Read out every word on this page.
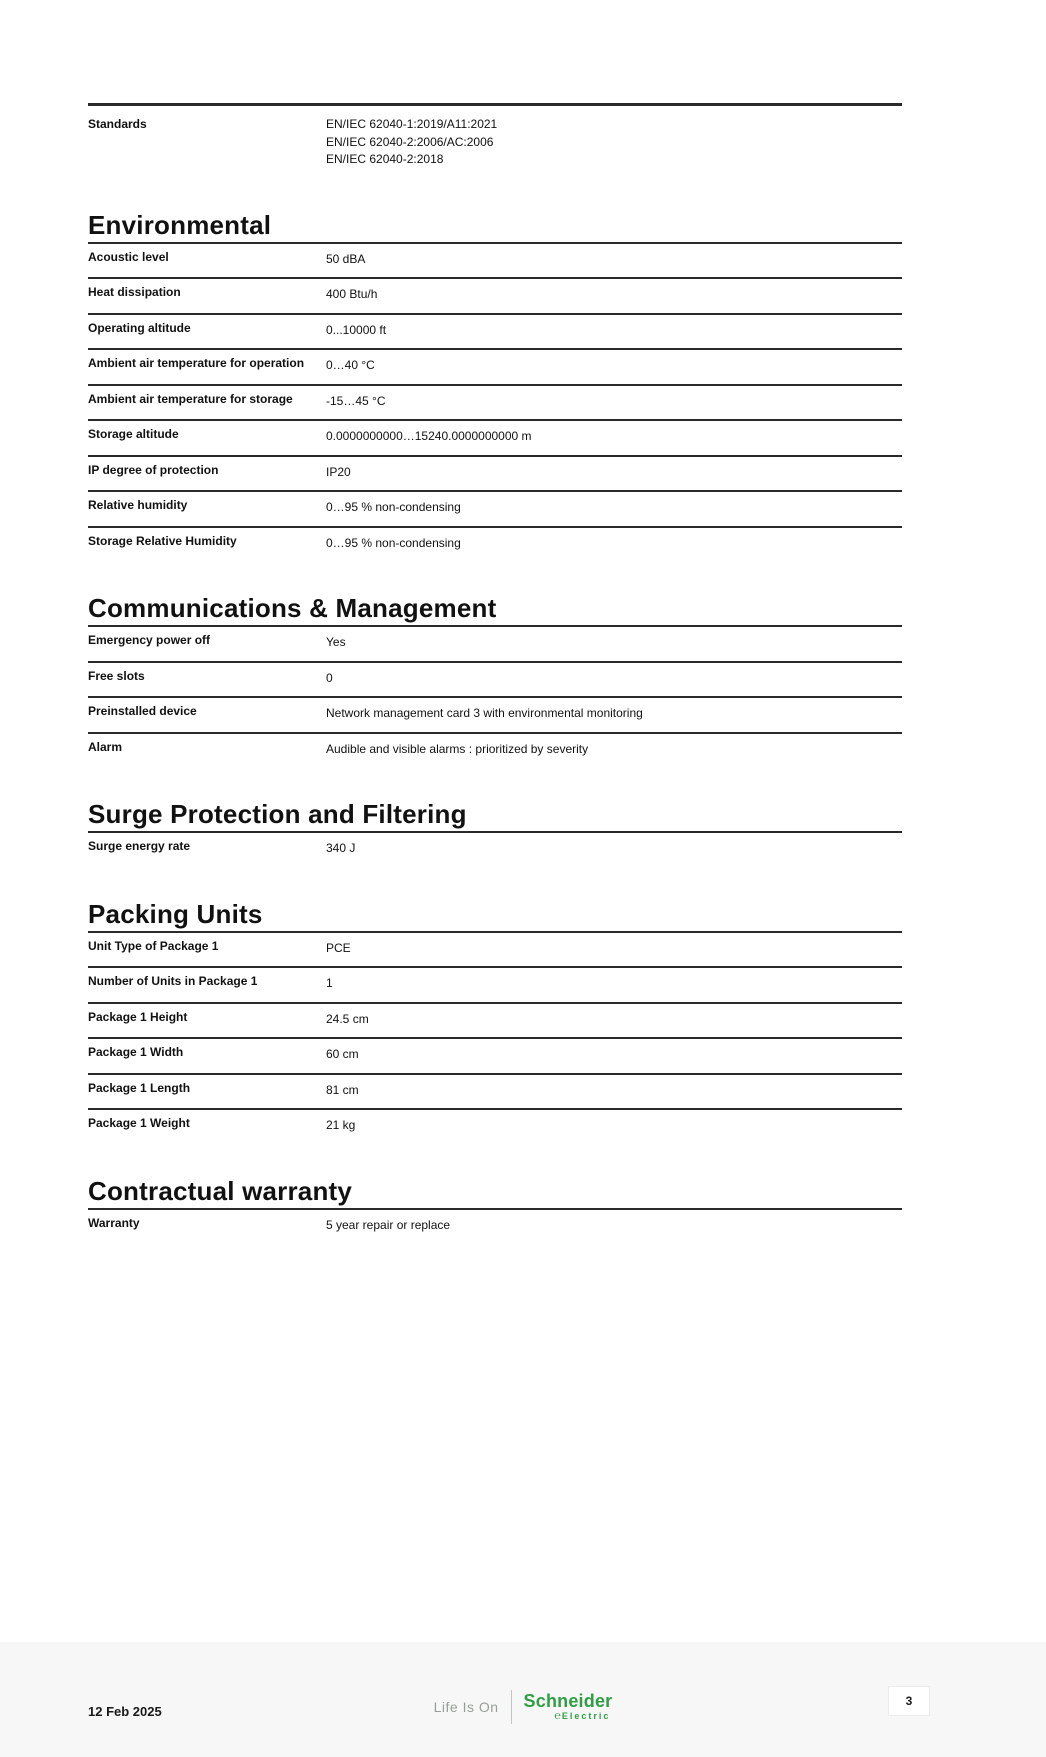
Standards	EN/IEC 62040-1:2019/A11:2021
EN/IEC 62040-2:2006/AC:2006
EN/IEC 62040-2:2018
Environmental
Acoustic level	50 dBA
Heat dissipation	400 Btu/h
Operating altitude	0...10000 ft
Ambient air temperature for operation	0…40 °C
Ambient air temperature for storage	-15…45 °C
Storage altitude	0.0000000000…15240.0000000000 m
IP degree of protection	IP20
Relative humidity	0…95 % non-condensing
Storage Relative Humidity	0…95 % non-condensing
Communications & Management
Emergency power off	Yes
Free slots	0
Preinstalled device	Network management card 3 with environmental monitoring
Alarm	Audible and visible alarms : prioritized by severity
Surge Protection and Filtering
Surge energy rate	340 J
Packing Units
Unit Type of Package 1	PCE
Number of Units in Package 1	1
Package 1 Height	24.5 cm
Package 1 Width	60 cm
Package 1 Length	81 cm
Package 1 Weight	21 kg
Contractual warranty
Warranty	5 year repair or replace
12 Feb 2025	Life Is On Schneider
℮ Electric
3
